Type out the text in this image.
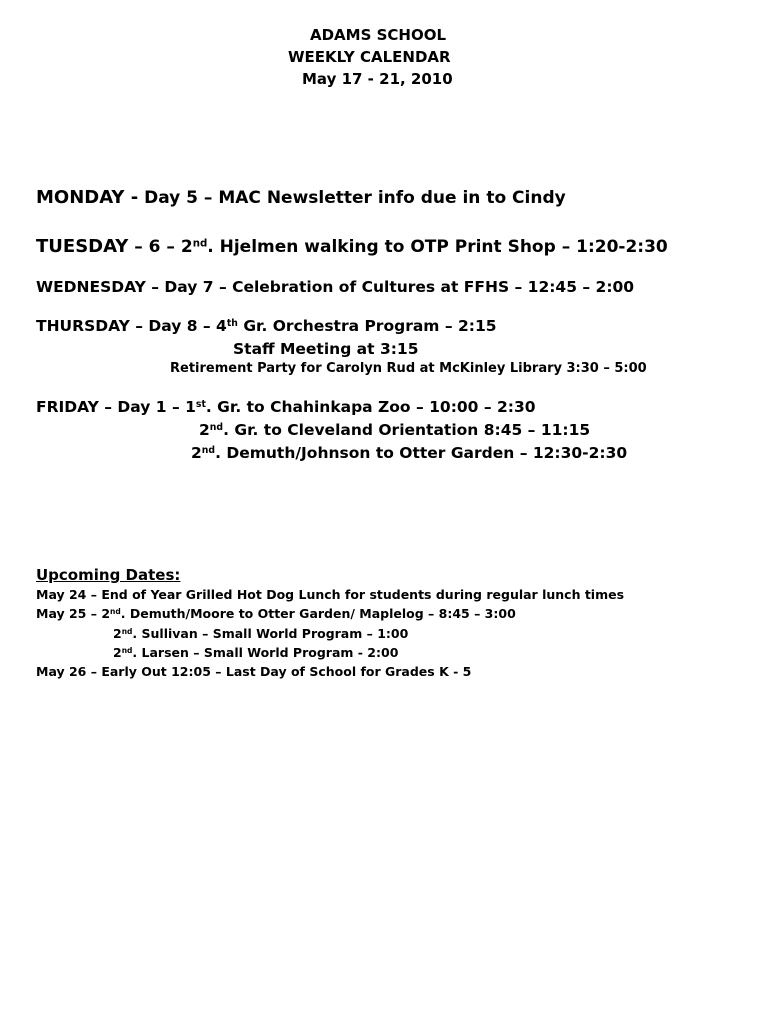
ADAMS SCHOOL
WEEKLY CALENDAR
May 17 - 21, 2010
MONDAY - Day 5 – MAC Newsletter info due in to Cindy
TUESDAY – 6 – 2nd. Hjelmen walking to OTP Print Shop – 1:20-2:30
WEDNESDAY – Day 7 – Celebration of Cultures at FFHS – 12:45 – 2:00
THURSDAY – Day 8 – 4th Gr. Orchestra Program – 2:15
Staff Meeting at 3:15
Retirement Party for Carolyn Rud at McKinley Library 3:30 – 5:00
FRIDAY – Day 1 – 1st. Gr. to Chahinkapa Zoo – 10:00 – 2:30
2nd. Gr. to Cleveland Orientation 8:45 – 11:15
2nd. Demuth/Johnson to Otter Garden – 12:30-2:30
Upcoming Dates:
May 24 – End of Year Grilled Hot Dog Lunch for students during regular lunch times
May 25 – 2nd. Demuth/Moore to Otter Garden/ Maplelog – 8:45 – 3:00
2nd. Sullivan – Small World Program – 1:00
2nd. Larsen – Small World Program - 2:00
May 26 – Early Out 12:05 – Last Day of School for Grades K - 5
